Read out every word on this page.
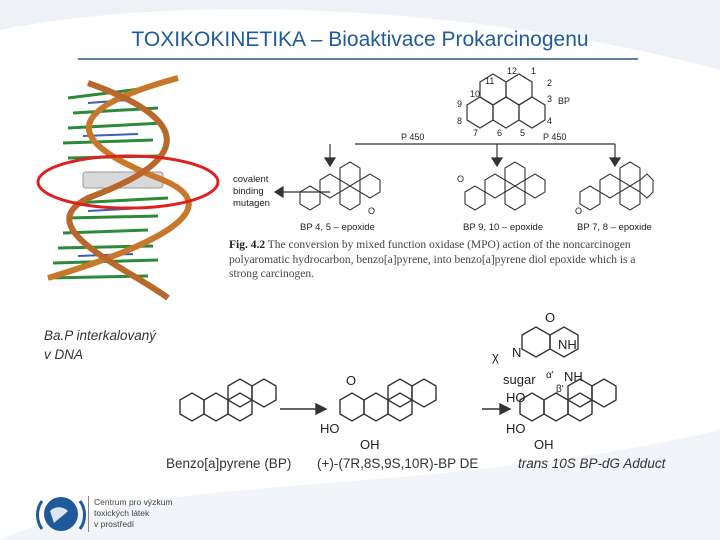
TOXIKOKINETIKA – Bioaktivace Prokarcinogenu
12 1
11	2
10	3
9
8	4
7 6 5
BP
P 450	P 450
covalent
binding
mutagen
O
O
O
BP 4, 5 – epoxide	BP 9, 10 – epoxide	BP 7, 8 – epoxide
Fig. 4.2 The conversion by mixed function oxidase (MPO) action of the noncarcinogen polyaromatic hydrocarbon, benzo[a]pyrene, into benzo[a]pyrene diol epoxide which is a strong carcinogen.
Ba.P interkalovaný
v DNA
O
HO
OH
O
N
NH
NH
sugar
χ
α'
β'
HO
HO
OH
Benzo[a]pyrene (BP) (+)-(7R,8S,9S,10R)-BP DE	trans 10S BP-dG Adduct
Centrum pro výzkum
toxických látek
v prostředí
